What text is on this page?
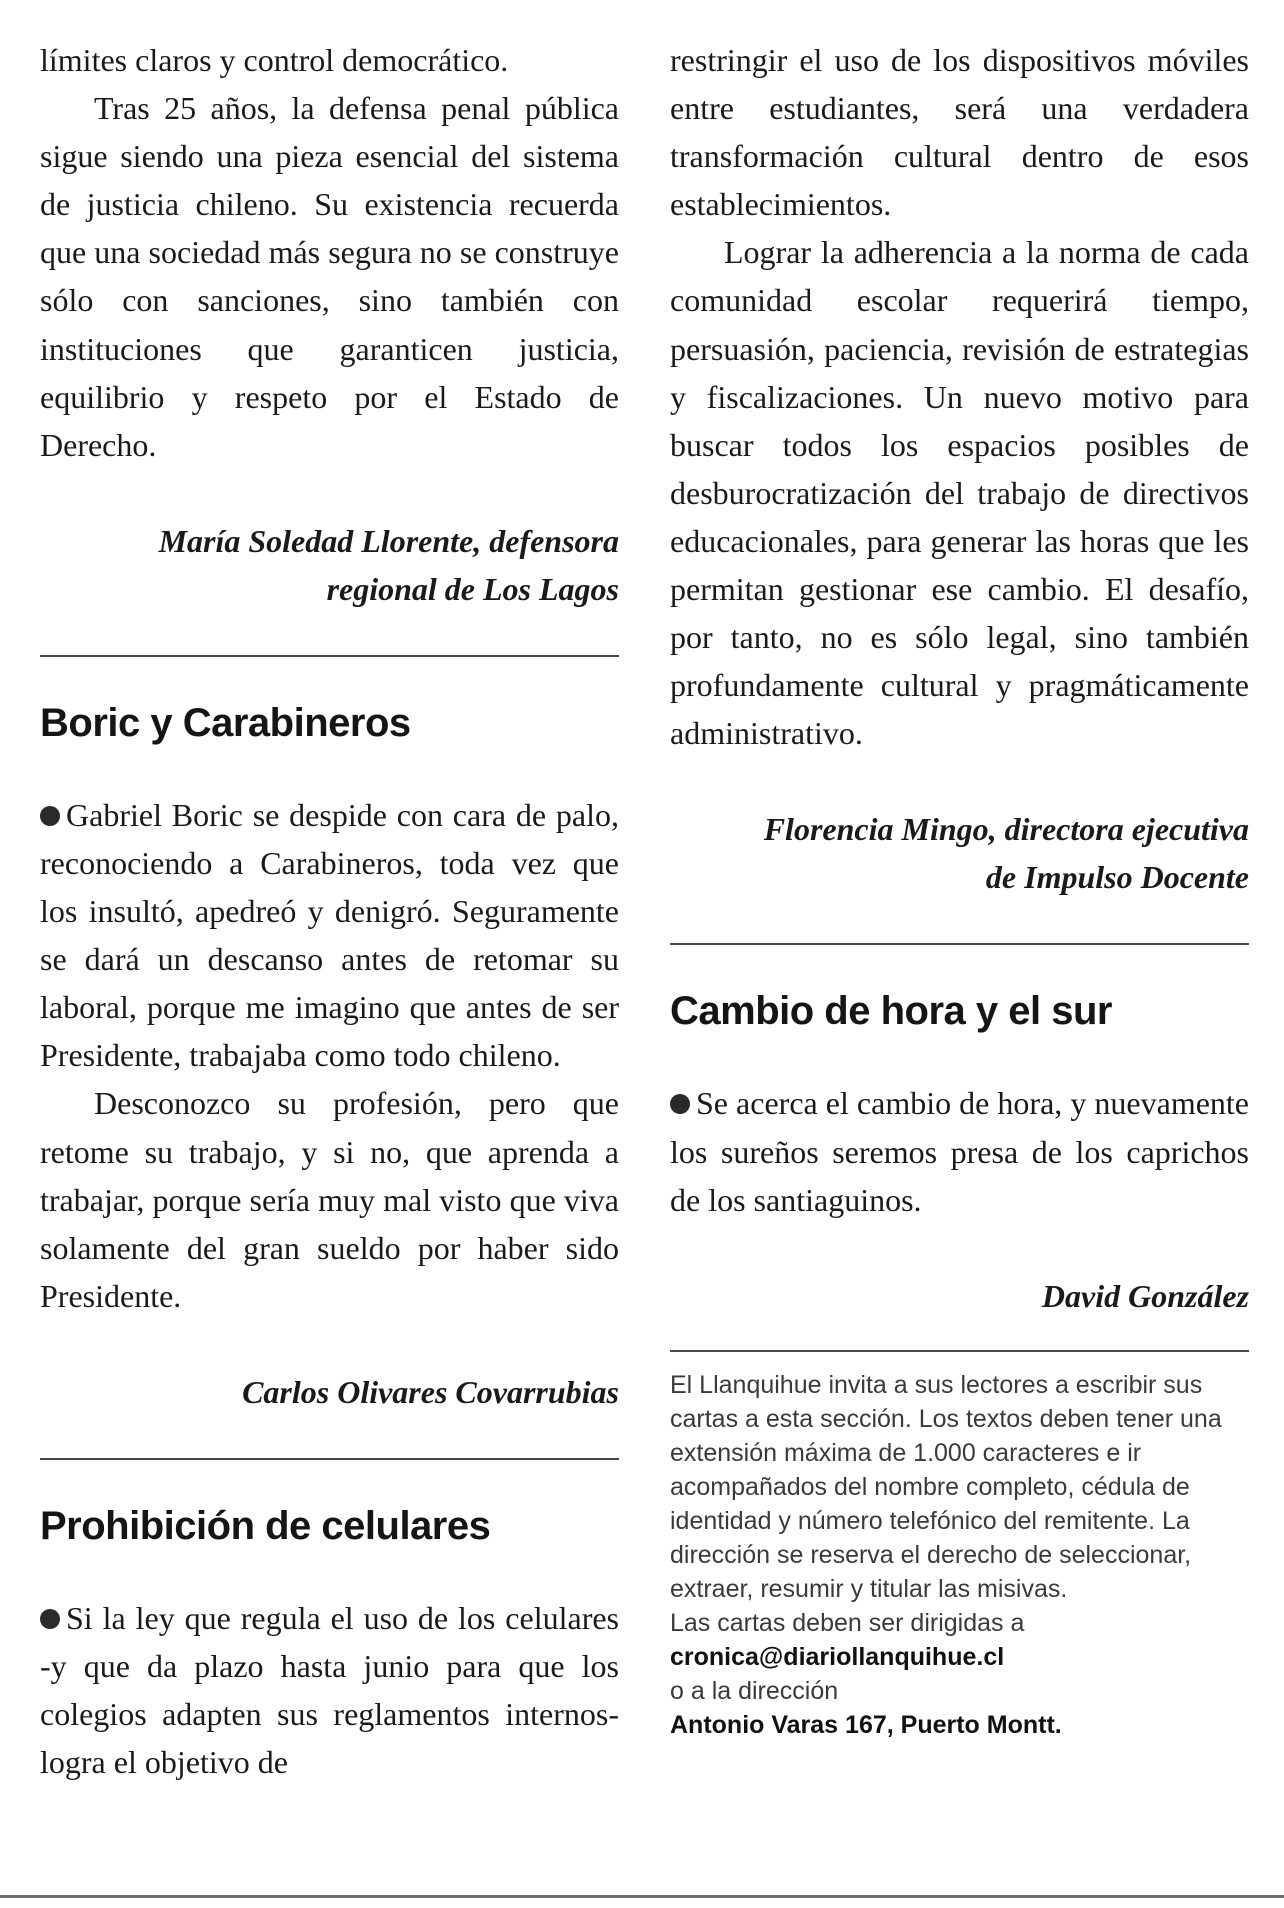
límites claros y control democrático.

Tras 25 años, la defensa penal pública sigue siendo una pieza esencial del sistema de justicia chileno. Su existencia recuerda que una sociedad más segura no se construye sólo con sanciones, sino también con instituciones que garanticen justicia, equilibrio y respeto por el Estado de Derecho.

María Soledad Llorente, defensora

regional de Los Lagos

Boric y Carabineros

Gabriel Boric se despide con cara de palo, reconociendo a Carabineros, toda vez que los insultó, apedreó y denigró. Seguramente se dará un descanso antes de retomar su laboral, porque me imagino que antes de ser Presidente, trabajaba como todo chileno.

Desconozco su profesión, pero que retome su trabajo, y si no, que aprenda a trabajar, porque sería muy mal visto que viva solamente del gran sueldo por haber sido Presidente.

Carlos Olivares Covarrubias

Prohibición de celulares

Si la ley que regula el uso de los celulares -y que da plazo hasta junio para que los colegios adapten sus reglamentos internos- logra el objetivo de

restringir el uso de los dispositivos móviles entre estudiantes, será una verdadera transformación cultural dentro de esos establecimientos.

Lograr la adherencia a la norma de cada comunidad escolar requerirá tiempo, persuasión, paciencia, revisión de estrategias y fiscalizaciones. Un nuevo motivo para buscar todos los espacios posibles de desburocratización del trabajo de directivos educacionales, para generar las horas que les permitan gestionar ese cambio. El desafío, por tanto, no es sólo legal, sino también profundamente cultural y pragmáticamente administrativo.

Florencia Mingo, directora ejecutiva

de Impulso Docente

Cambio de hora y el sur

Se acerca el cambio de hora, y nuevamente los sureños seremos presa de los caprichos de los santiaguinos.

David González

El Llanquihue invita a sus lectores a escribir sus cartas a esta sección. Los textos deben tener una extensión máxima de 1.000 caracteres e ir acompañados del nombre completo, cédula de identidad y número telefónico del remitente. La dirección se reserva el derecho de seleccionar, extraer, resumir y titular las misivas.

Las cartas deben ser dirigidas a

cronica@diariollanquihue.cl

o a la dirección

Antonio Varas 167, Puerto Montt.
